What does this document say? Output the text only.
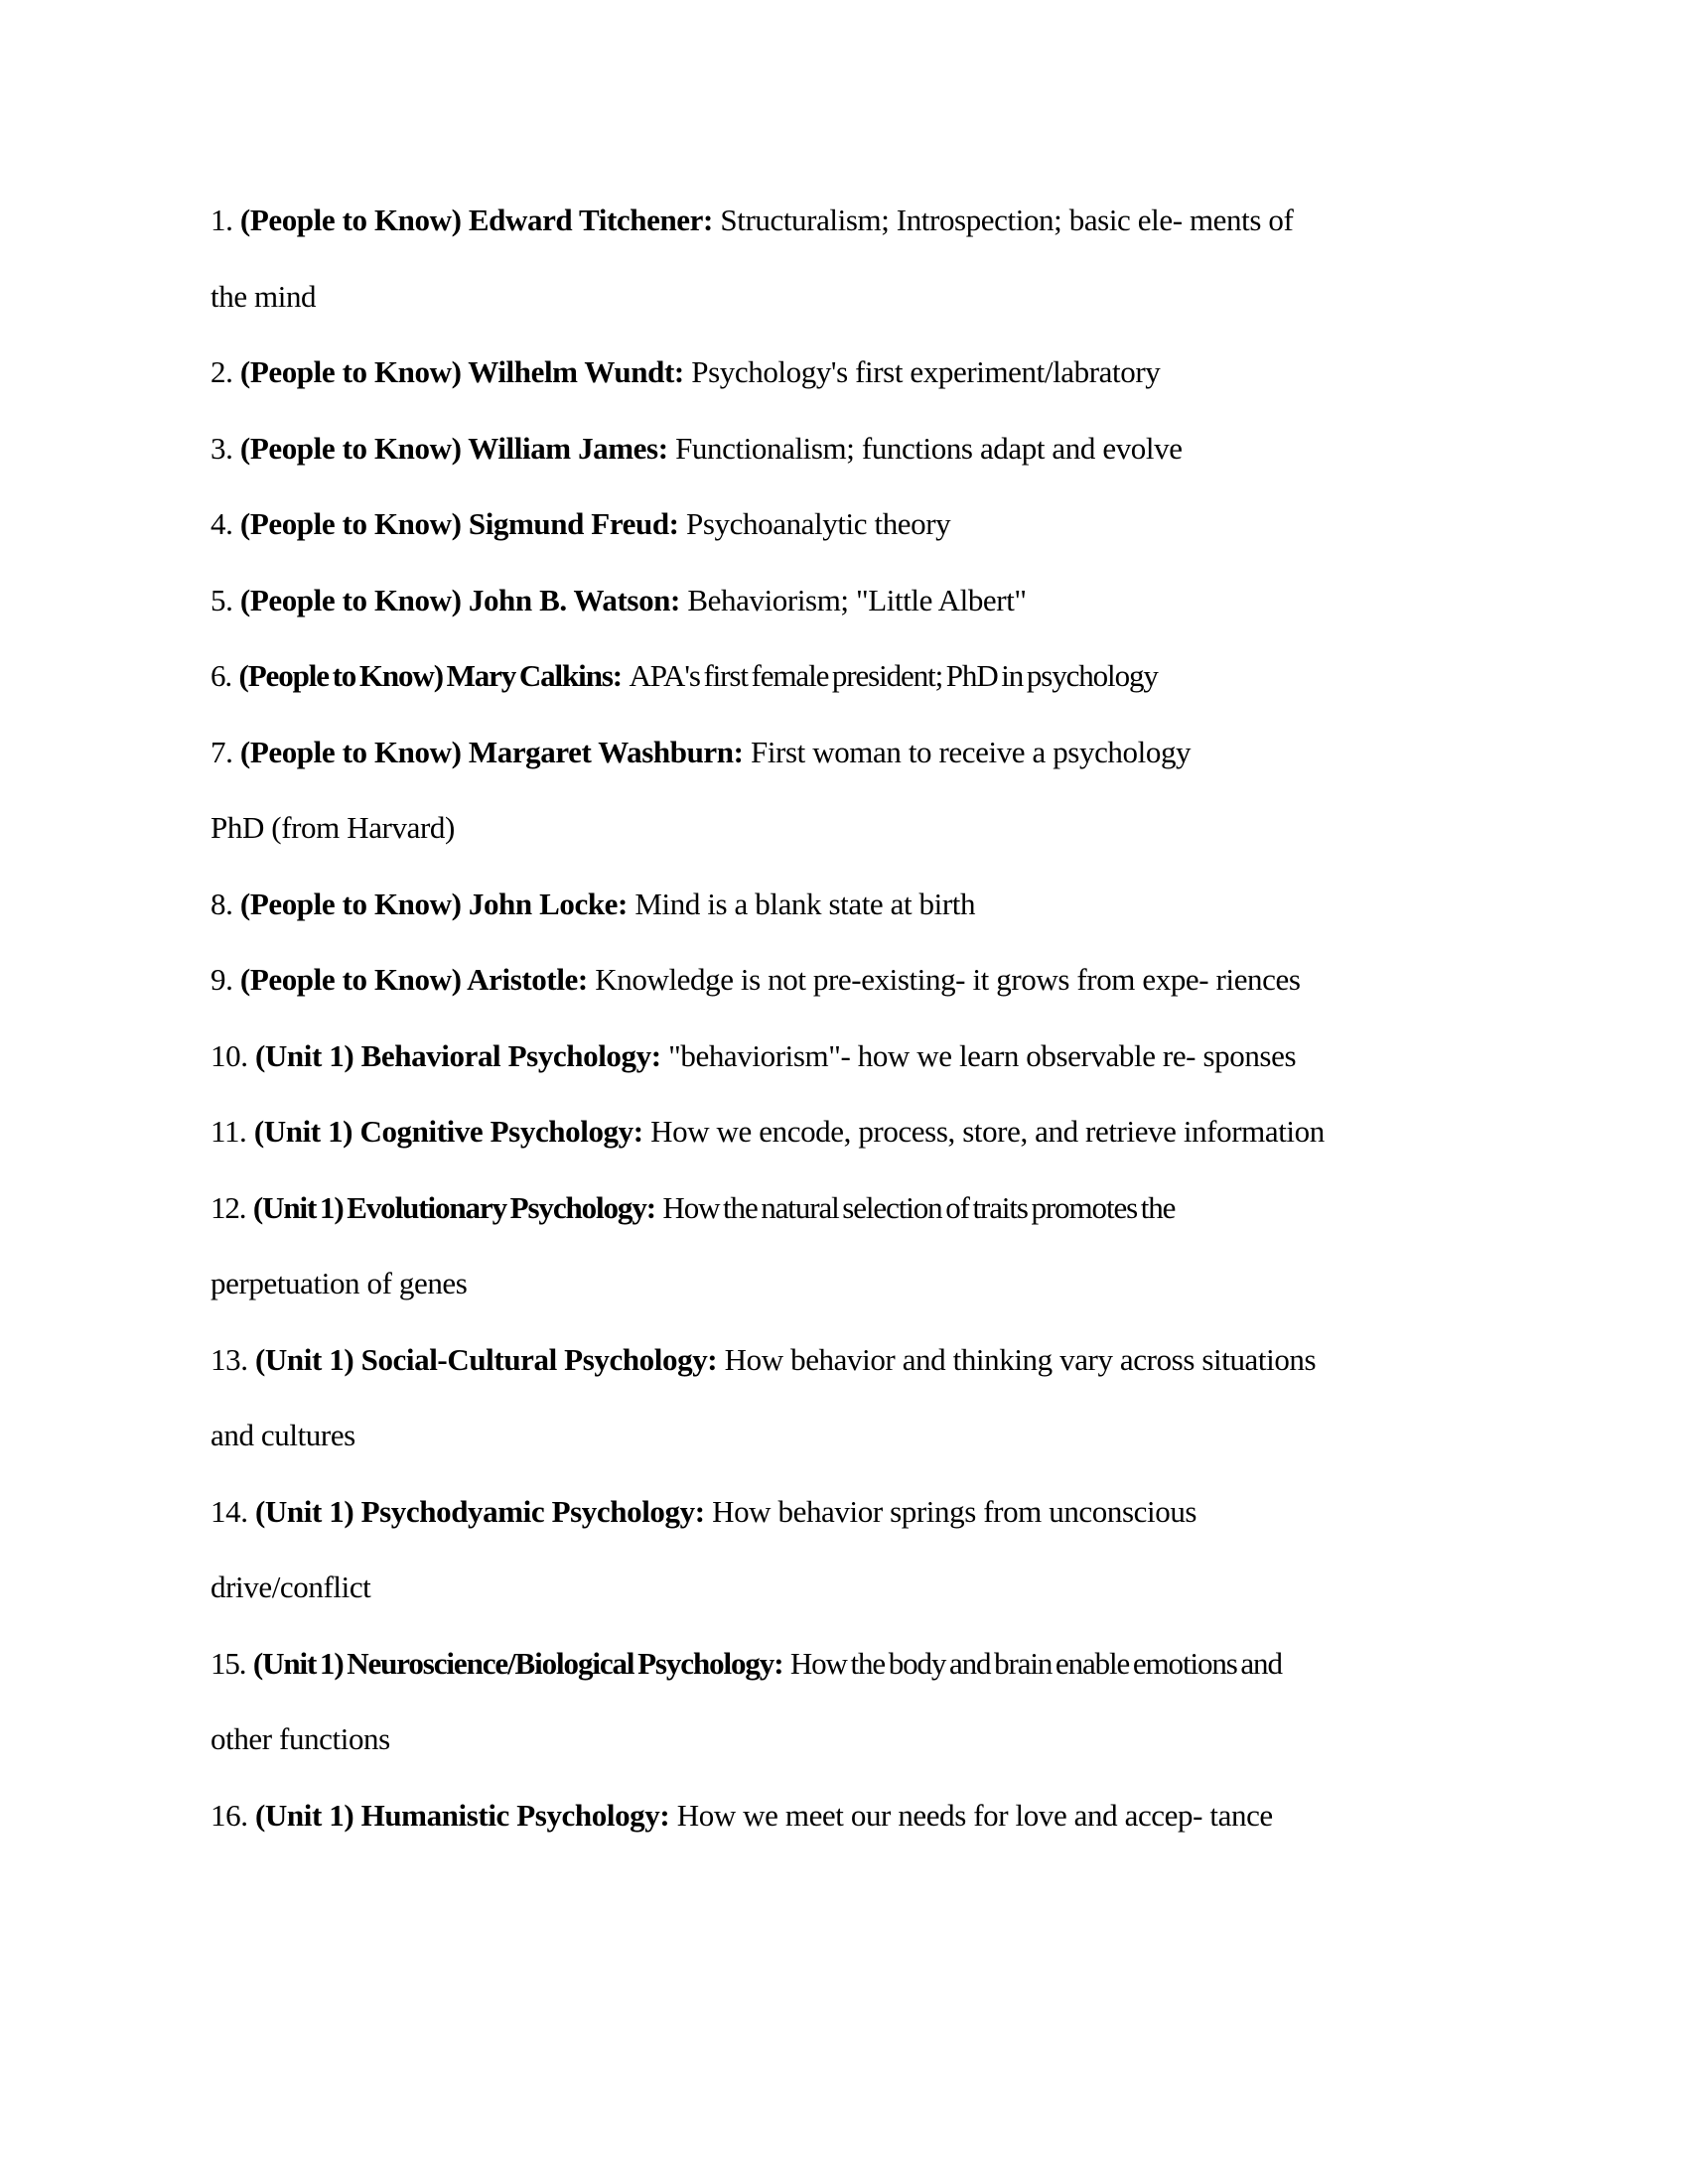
1. (People to Know) Edward Titchener: Structuralism; Introspection; basic ele- ments of
the mind

2. (People to Know) Wilhelm Wundt: Psychology's first experiment/labratory

3. (People to Know) William James: Functionalism; functions adapt and evolve

4. (People to Know) Sigmund Freud: Psychoanalytic theory

5. (People to Know) John B. Watson: Behaviorism; "Little Albert"

6. (People to Know) Mary Calkins: APA's first female president; PhD in psychology

7. (People to Know) Margaret Washburn: First woman to receive a psychology
PhD (from Harvard)

8. (People to Know) John Locke: Mind is a blank state at birth

9. (People to Know) Aristotle: Knowledge is not pre-existing- it grows from expe- riences

10. (Unit 1) Behavioral Psychology: "behaviorism"- how we learn observable re- sponses

11. (Unit 1) Cognitive Psychology: How we encode, process, store, and retrieve information

12. (Unit 1) Evolutionary Psychology: How the natural selection of traits promotes the
perpetuation of genes

13. (Unit 1) Social-Cultural Psychology: How behavior and thinking vary across situations
and cultures

14. (Unit 1) Psychodyamic Psychology: How behavior springs from unconscious
drive/conflict

15. (Unit 1) Neuroscience/Biological Psychology: How the body and brain enable emotions and
other functions

16. (Unit 1) Humanistic Psychology: How we meet our needs for love and accep- tance
